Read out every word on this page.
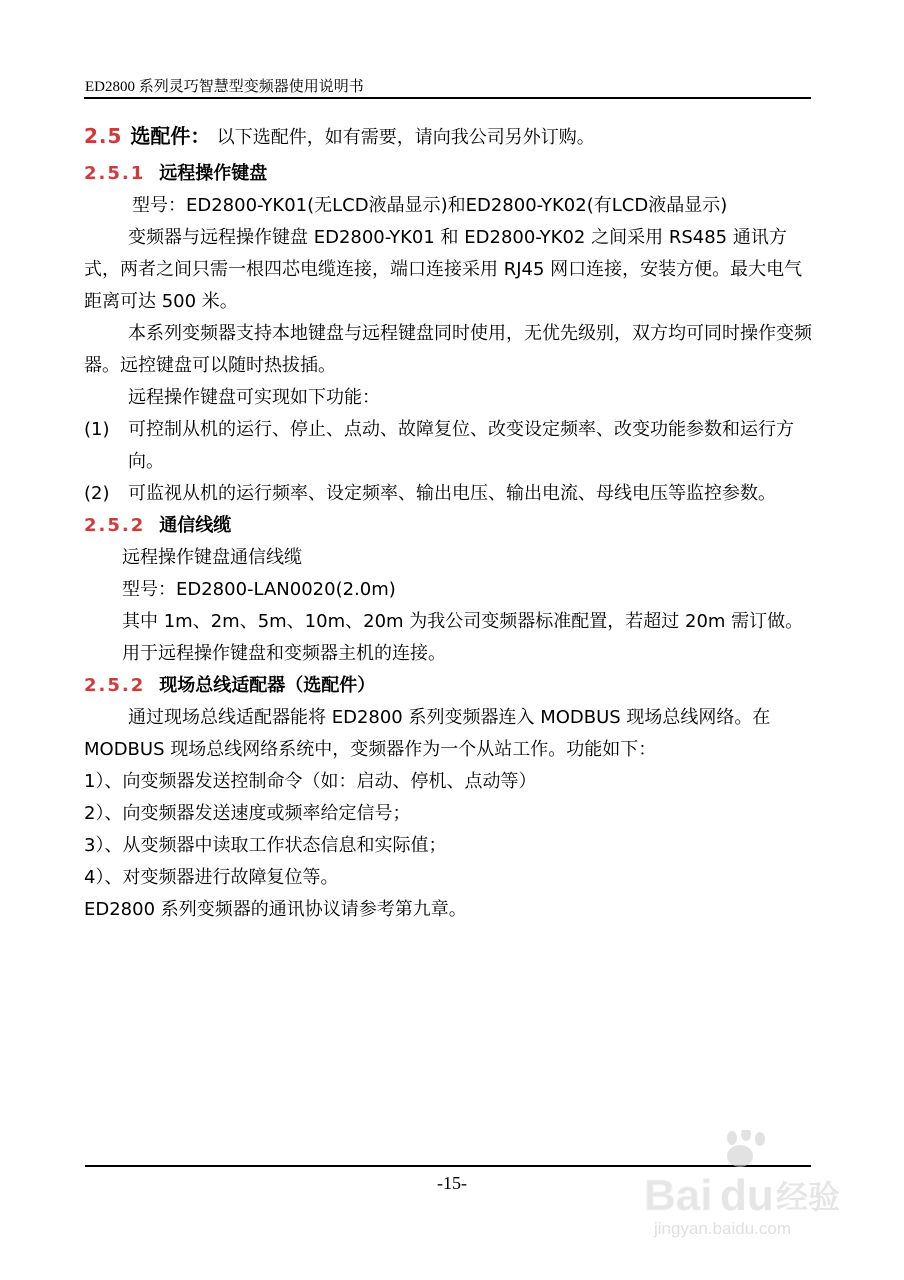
ED2800 系列灵巧智慧型变频器使用说明书
2.5 选配件： 以下选配件，如有需要，请向我公司另外订购。
2.5.1 远程操作键盘
型号：ED2800-YK01(无LCD液晶显示)和ED2800-YK02(有LCD液晶显示)
变频器与远程操作键盘 ED2800-YK01 和 ED2800-YK02 之间采用 RS485 通讯方式，两者之间只需一根四芯电缆连接，端口连接采用 RJ45 网口连接，安装方便。最大电气距离可达 500 米。
本系列变频器支持本地键盘与远程键盘同时使用，无优先级别，双方均可同时操作变频器。远控键盘可以随时热拔插。
远程操作键盘可实现如下功能：
(1)	可控制从机的运行、停止、点动、故障复位、改变设定频率、改变功能参数和运行方向。
(2)	可监视从机的运行频率、设定频率、输出电压、输出电流、母线电压等监控参数。
2.5.2 通信线缆
远程操作键盘通信线缆
型号：ED2800-LAN0020(2.0m)
其中 1m、2m、5m、10m、20m 为我公司变频器标准配置，若超过 20m 需订做。
用于远程操作键盘和变频器主机的连接。
2.5.2 现场总线适配器（选配件）
通过现场总线适配器能将 ED2800 系列变频器连入 MODBUS 现场总线网络。在 MODBUS 现场总线网络系统中，变频器作为一个从站工作。功能如下：
1）、向变频器发送控制命令（如：启动、停机、点动等）
2）、向变频器发送速度或频率给定信号；
3）、从变频器中读取工作状态信息和实际值；
4）、对变频器进行故障复位等。
ED2800 系列变频器的通讯协议请参考第九章。
-15-	Bai du 经验
jingyan.baidu.com
